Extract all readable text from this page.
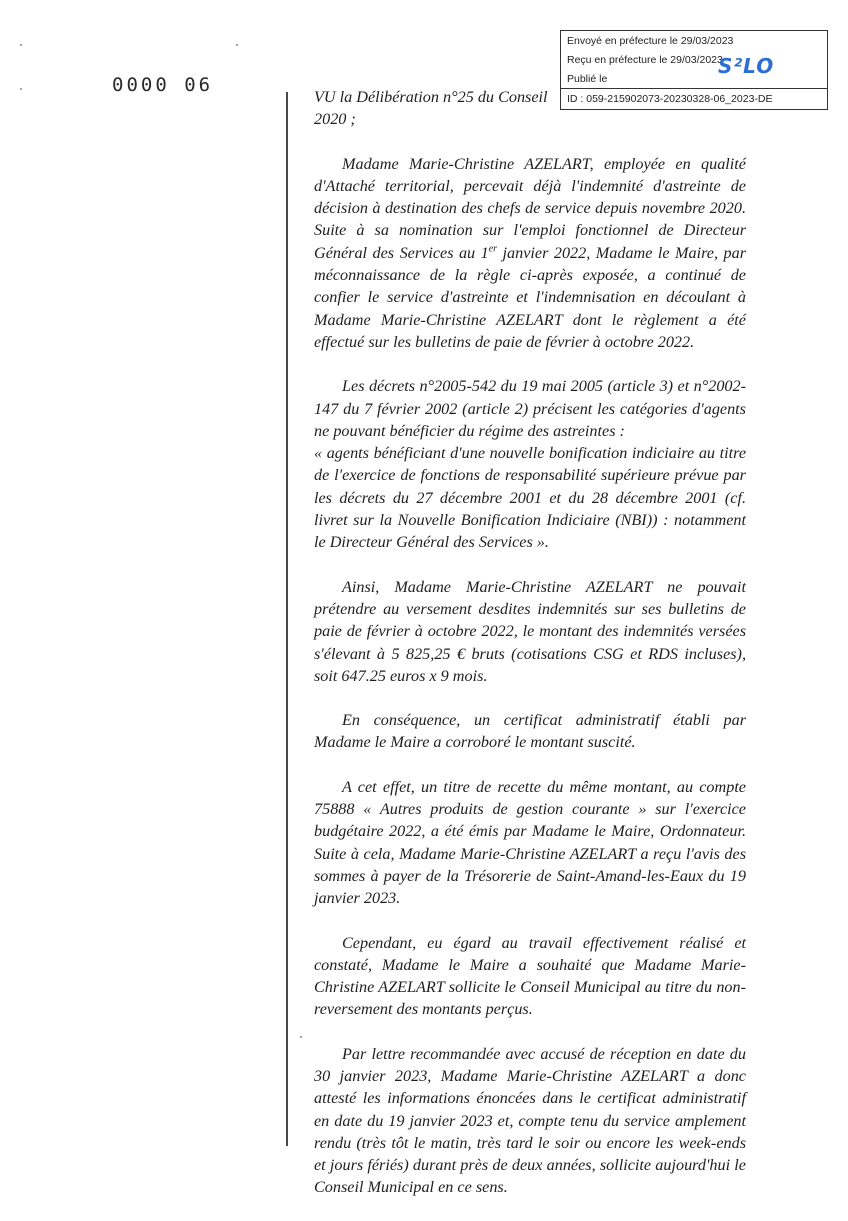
0000 06
Envoyé en préfecture le 29/03/2023
Reçu en préfecture le 29/03/2023
Publié le
ID : 059-215902073-20230328-06_2023-DE
S²LO

VU la Délibération n°25 du Conseil
2020 ;

Madame Marie-Christine AZELART, employée en qualité d'Attaché territorial, percevait déjà l'indemnité d'astreinte de décision à destination des chefs de service depuis novembre 2020. Suite à sa nomination sur l'emploi fonctionnel de Directeur Général des Services au 1er janvier 2022, Madame le Maire, par méconnaissance de la règle ci-après exposée, a continué de confier le service d'astreinte et l'indemnisation en découlant à Madame Marie-Christine AZELART dont le règlement a été effectué sur les bulletins de paie de février à octobre 2022.

Les décrets n°2005-542 du 19 mai 2005 (article 3) et n°2002-147 du 7 février 2002 (article 2) précisent les catégories d'agents ne pouvant bénéficier du régime des astreintes :
« agents bénéficiant d'une nouvelle bonification indiciaire au titre de l'exercice de fonctions de responsabilité supérieure prévue par les décrets du 27 décembre 2001 et du 28 décembre 2001 (cf. livret sur la Nouvelle Bonification Indiciaire (NBI)) : notamment le Directeur Général des Services ».

Ainsi, Madame Marie-Christine AZELART ne pouvait prétendre au versement desdites indemnités sur ses bulletins de paie de février à octobre 2022, le montant des indemnités versées s'élevant à 5 825,25 € bruts (cotisations CSG et RDS incluses), soit 647.25 euros x 9 mois.

En conséquence, un certificat administratif établi par Madame le Maire a corroboré le montant suscité.

A cet effet, un titre de recette du même montant, au compte 75888 « Autres produits de gestion courante » sur l'exercice budgétaire 2022, a été émis par Madame le Maire, Ordonnateur. Suite à cela, Madame Marie-Christine AZELART a reçu l'avis des sommes à payer de la Trésorerie de Saint-Amand-les-Eaux du 19 janvier 2023.

Cependant, eu égard au travail effectivement réalisé et constaté, Madame le Maire a souhaité que Madame Marie-Christine AZELART sollicite le Conseil Municipal au titre du non-reversement des montants perçus.

Par lettre recommandée avec accusé de réception en date du 30 janvier 2023, Madame Marie-Christine AZELART a donc attesté les informations énoncées dans le certificat administratif en date du 19 janvier 2023 et, compte tenu du service amplement rendu (très tôt le matin, très tard le soir ou encore les week-ends et jours fériés) durant près de deux années, sollicite aujourd'hui le Conseil Municipal en ce sens.
